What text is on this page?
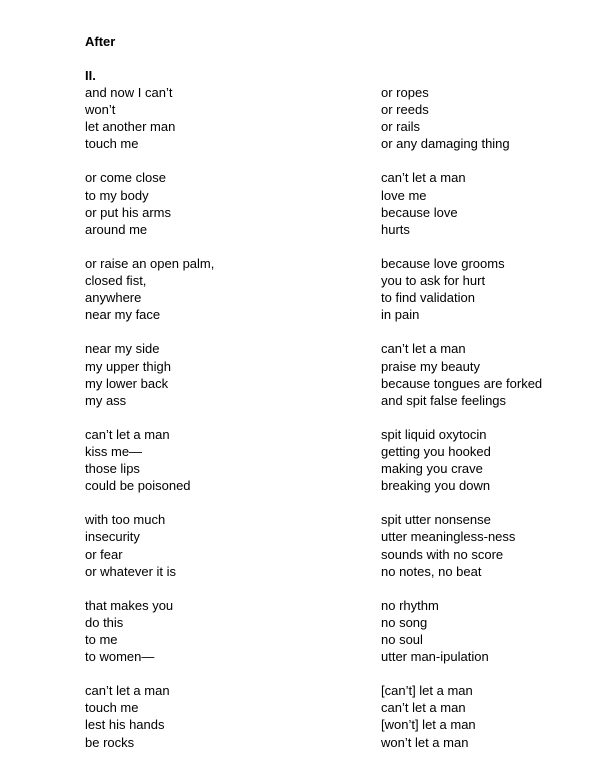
After

II.

and now I can’t
won’t
let another man
touch me
or come close
to my body
or put his arms
around me
or raise an open palm,
closed fist,
anywhere
near my face
near my side
my upper thigh
my lower back
my ass
can’t let a man
kiss me—
those lips
could be poisoned
with too much
insecurity
or fear
or whatever it is
that makes you
do this
to me
to women—
can’t let a man
touch me
lest his hands
be rocks
or ropes
or reeds
or rails
or any damaging thing
can’t let a man
love me
because love
hurts
because love grooms
you to ask for hurt
to find validation
in pain
can’t let a man
praise my beauty
because tongues are forked
and spit false feelings
spit liquid oxytocin
getting you hooked
making you crave
breaking you down
spit utter nonsense
utter meaningless-ness
sounds with no score
no notes, no beat
no rhythm
no song
no soul
utter man-ipulation
[can’t] let a man
can’t let a man
[won’t] let a man
won’t let a man
